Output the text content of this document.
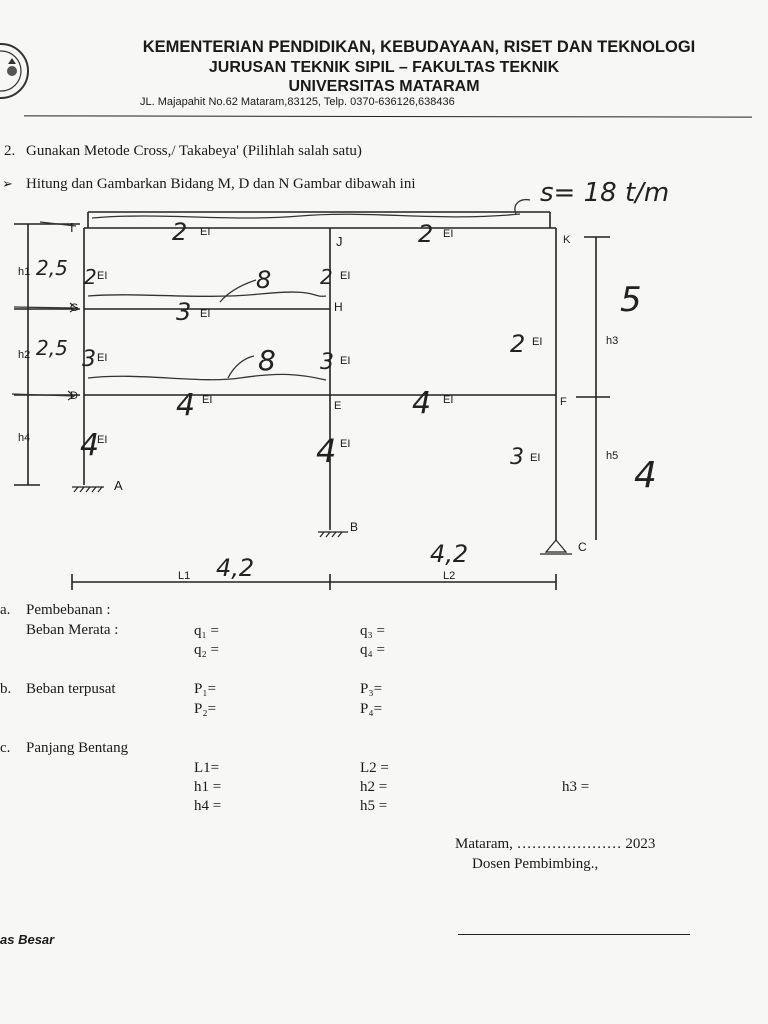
KEMENTERIAN PENDIDIKAN, KEBUDAYAAN, RISET DAN TEKNOLOGI
JURUSAN TEKNIK SIPIL – FAKULTAS TEKNIK
UNIVERSITAS MATARAM
JL. Majapahit No.62 Mataram,83125, Telp. 0370-636126,638436
2. Gunakan Metode Cross,/ Takabeya' (Pilihlah salah satu)
➢ Hitung dan Gambarkan Bidang M, D dan N Gambar dibawah ini
EI
2	EI
2
EI
2	EI
2
EI
3
EI
3	EI
3
EI
4	EI
4
EI
2
EI
4	EI
4	EI
3
I
J	K
G	H
D
E	F
A
B
C
h1 2,5
h2 2,5
h4
h3
5
h5 4
L1 4,2	L2
4,2
s= 18 t/m
8
8
a. Pembebanan :
Beban Merata :	q₁ =	q₃ =
q₂ =	q₄ =
b. Beban terpusat	P₁=	P₃=
P₂=	P₄=
c. Panjang Bentang
L1=	L2 =
h1 =	h2 =	h3 =
h4 =	h5 =
Mataram, ………………… 2023
Dosen Pembimbing.,
as Besar
